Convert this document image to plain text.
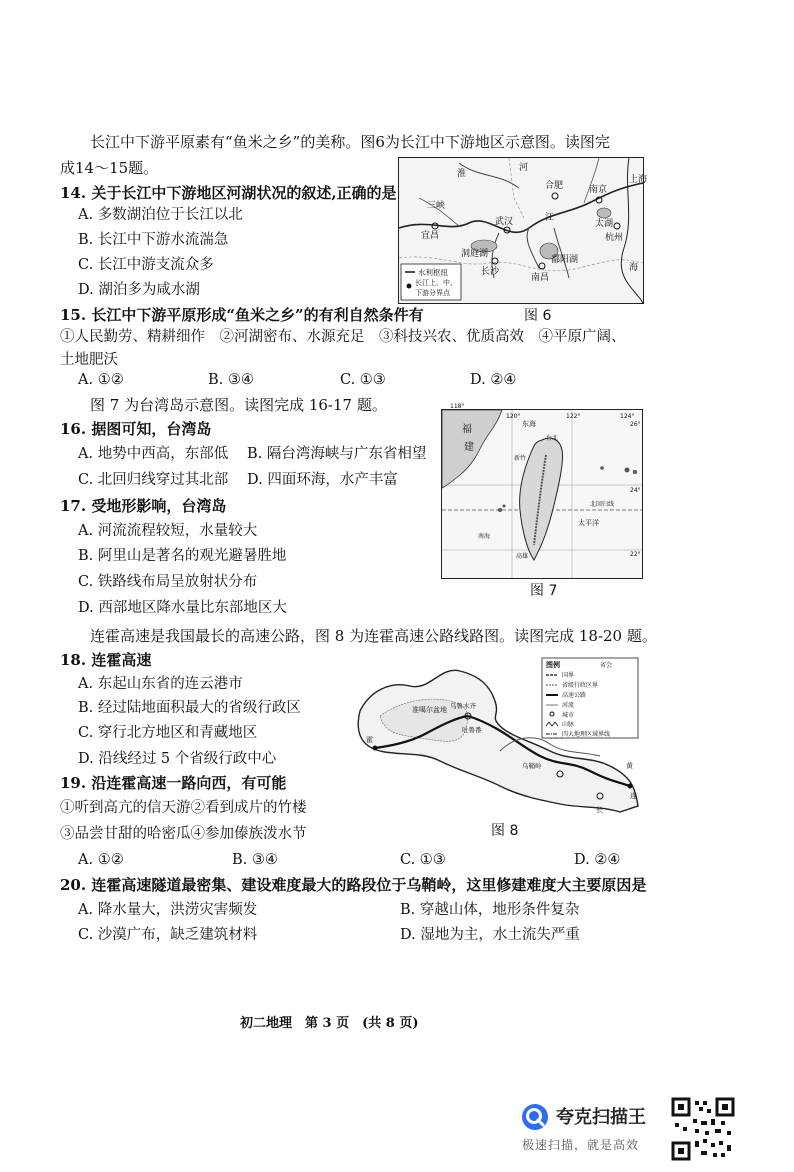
长江中下游平原素有“鱼米之乡”的美称。图6为长江中下游地区示意图。读图完
成14～15题。
14. 关于长江中下游地区河湖状况的叙述,正确的是
A. 多数湖泊位于长江以北
B. 长江中下游水流湍急
C. 长江中游支流众多
D. 湖泊多为咸水湖
淮
河
合肥	南京
上海
三峡
宜昌
武汉	江
太湖
杭州
洞庭湖
鄱阳湖
长沙
南昌
海
水利枢纽
长江上、中、
下游分界点
图 6
15. 长江中下游平原形成“鱼米之乡”的有利自然条件有
①人民勤劳、精耕细作　②河湖密布、水源充足　③科技兴农、优质高效　④平原广阔、
土地肥沃
A. ①②	B. ③④	C. ①③	D. ②④
图 7 为台湾岛示意图。读图完成 16-17 题。
16. 据图可知，台湾岛
A. 地势中西高，东部低 B. 隔台湾海峡与广东省相望
C. 北回归线穿过其北部 D. 四面环海，水产丰富
118°
120°	122°	124°
26°
24°
22°
福
建
东海
台北
新竹
北回归线
太平洋
南海
高雄
图 7
17. 受地形影响，台湾岛
A. 河流流程较短，水量较大
B. 阿里山是著名的观光避暑胜地
C. 铁路线布局呈放射状分布
D. 西部地区降水量比东部地区大
连霍高速是我国最长的高速公路，图 8 为连霍高速公路线路图。读图完成 18-20 题。
18. 连霍高速
A. 东起山东省的连云港市
B. 经过陆地面积最大的省级行政区
C. 穿行北方地区和青藏地区
D. 沿线经过 5 个省级行政中心
准噶尔盆地 乌鲁木齐
霍
吐鲁番
乌鞘岭	黄
连
长
图例	省会
国界
省级行政区界
高速公路
河流
城市
山脉
四大地理区域界线
图 8
19. 沿连霍高速一路向西，有可能
①听到高亢的信天游②看到成片的竹楼
③品尝甘甜的哈密瓜④参加傣族泼水节
A. ①②	B. ③④	C. ①③	D. ②④
20. 连霍高速隧道最密集、建设难度最大的路段位于乌鞘岭，这里修建难度大主要原因是
A. 降水量大，洪涝灾害频发	B. 穿越山体，地形条件复杂
C. 沙漠广布，缺乏建筑材料	D. 湿地为主，水土流失严重
初二地理　第 3 页　(共 8 页)
夸克扫描王
极速扫描，就是高效
